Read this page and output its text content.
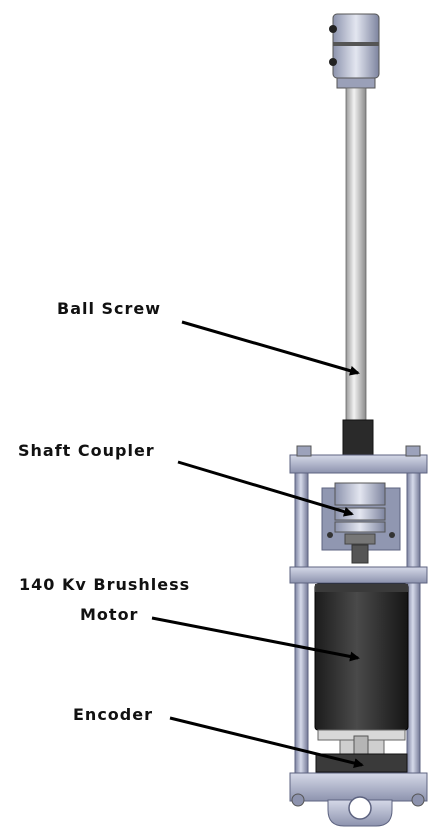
Ball Screw
Shaft Coupler
140 Kv Brushless
Motor
Encoder
